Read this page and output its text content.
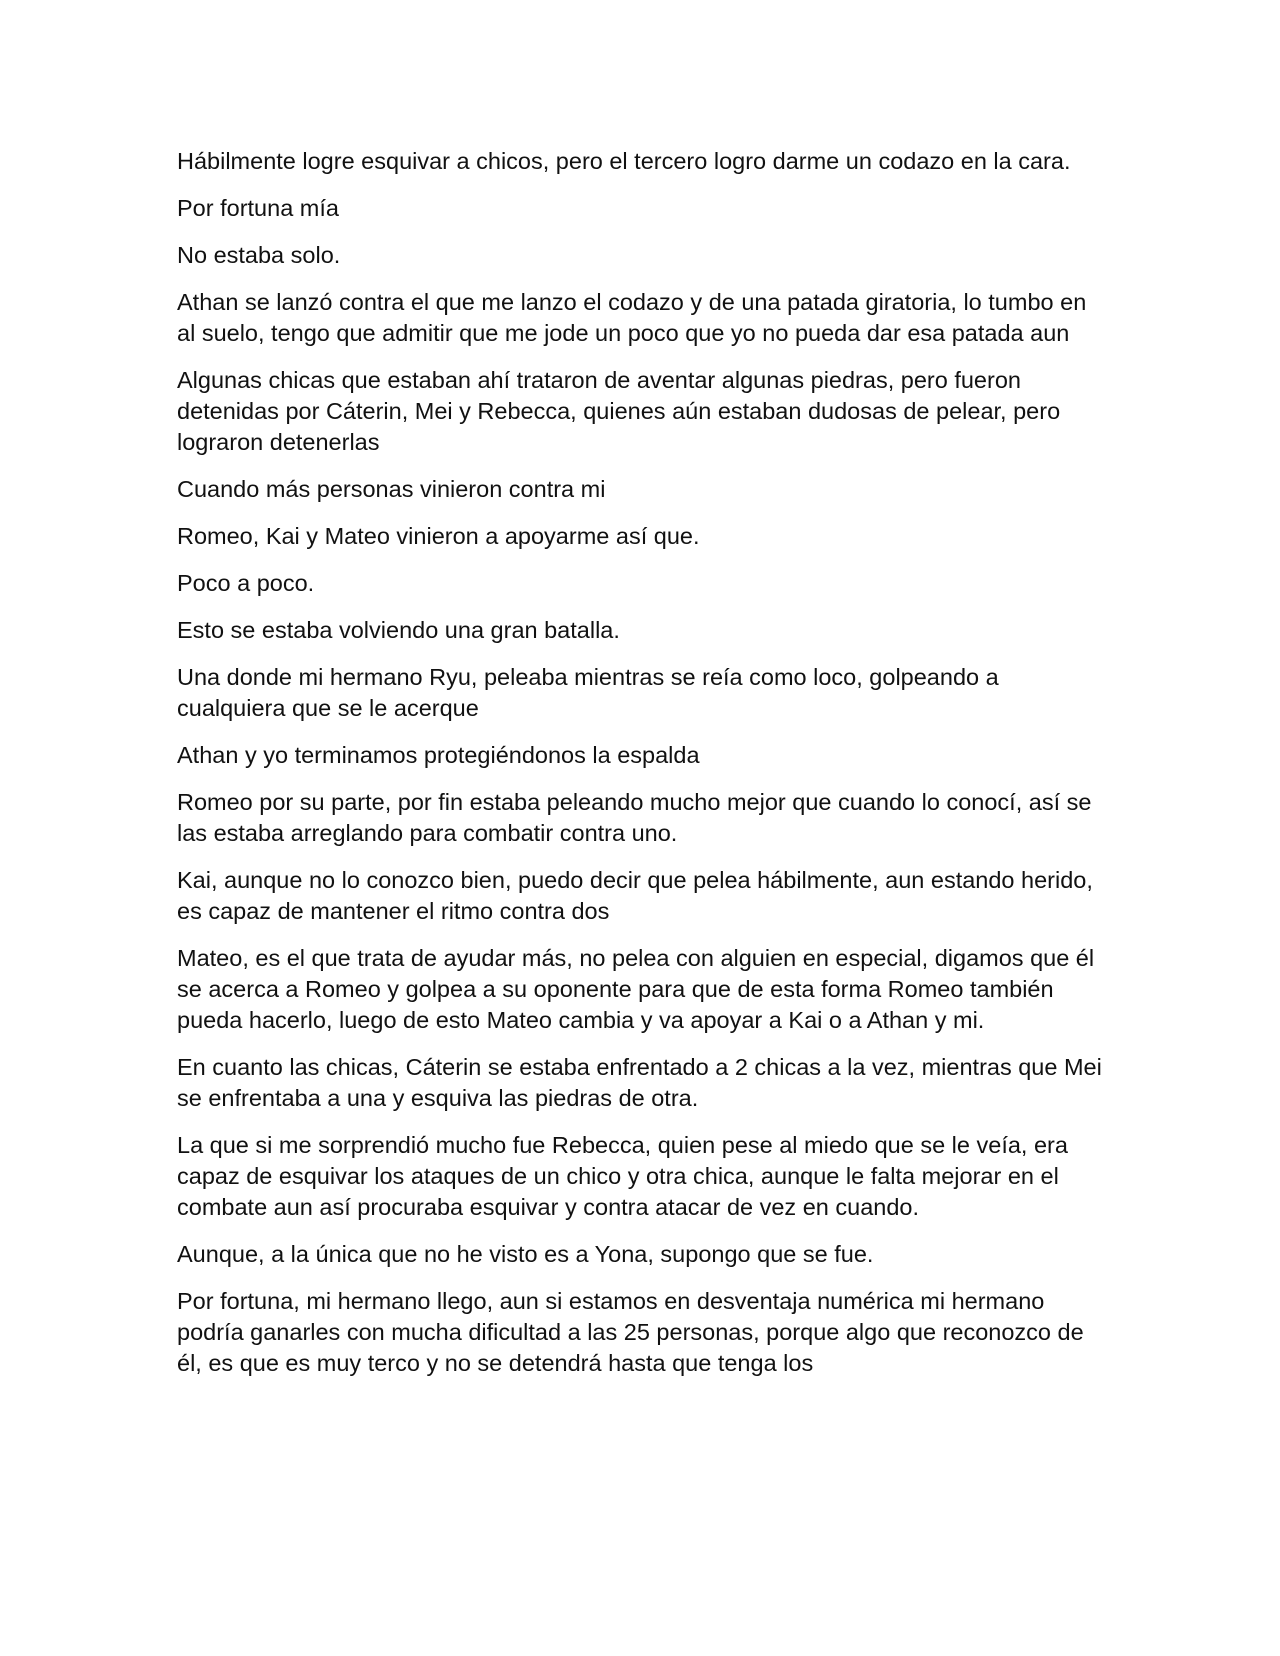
Hábilmente logre esquivar a chicos, pero el tercero logro darme un codazo en la cara.

Por fortuna mía

No estaba solo.

Athan se lanzó contra el que me lanzo el codazo y de una patada giratoria, lo tumbo en al suelo, tengo que admitir que me jode un poco que yo no pueda dar esa patada aun

Algunas chicas que estaban ahí trataron de aventar algunas piedras, pero fueron detenidas por Cáterin, Mei y Rebecca, quienes aún estaban dudosas de pelear, pero lograron detenerlas

Cuando más personas vinieron contra mi

Romeo, Kai y Mateo vinieron a apoyarme así que.

Poco a poco.

Esto se estaba volviendo una gran batalla.

Una donde mi hermano Ryu, peleaba mientras se reía como loco, golpeando a cualquiera que se le acerque

Athan y yo terminamos protegiéndonos la espalda

Romeo por su parte, por fin estaba peleando mucho mejor que cuando lo conocí, así se las estaba arreglando para combatir contra uno.

Kai, aunque no lo conozco bien, puedo decir que pelea hábilmente, aun estando herido, es capaz de mantener el ritmo contra dos

Mateo, es el que trata de ayudar más, no pelea con alguien en especial, digamos que él se acerca a Romeo y golpea a su oponente para que de esta forma Romeo también pueda hacerlo, luego de esto Mateo cambia y va apoyar a Kai o a Athan y mi.

En cuanto las chicas, Cáterin se estaba enfrentado a 2 chicas a la vez, mientras que Mei se enfrentaba a una y esquiva las piedras de otra.

La que si me sorprendió mucho fue Rebecca, quien pese al miedo que se le veía, era capaz de esquivar los ataques de un chico y otra chica, aunque le falta mejorar en el combate aun así procuraba esquivar y contra atacar de vez en cuando.

Aunque, a la única que no he visto es a Yona, supongo que se fue.

Por fortuna, mi hermano llego, aun si estamos en desventaja numérica mi hermano podría ganarles con mucha dificultad a las 25 personas, porque algo que reconozco de él, es que es muy terco y no se detendrá hasta que tenga los
